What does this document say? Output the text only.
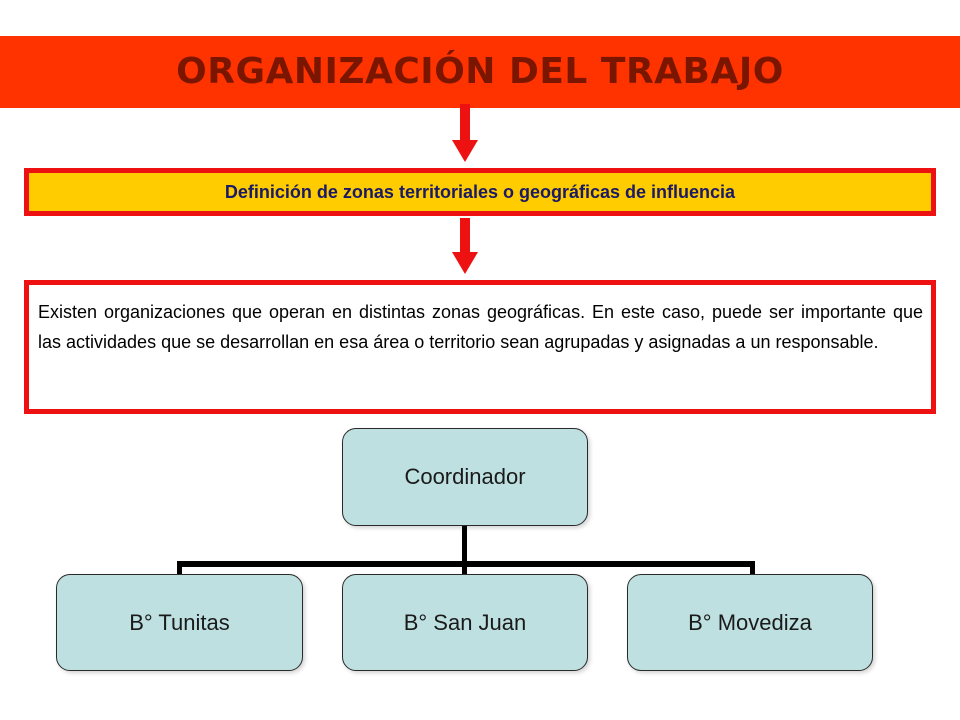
ORGANIZACIÓN DEL TRABAJO
Definición de zonas territoriales o geográficas de influencia
Existen organizaciones que operan en distintas zonas geográficas. En este caso, puede ser importante que las actividades que se desarrollan en esa área o territorio sean agrupadas y asignadas a un responsable.
Coordinador
B° Tunitas	B° San Juan	B° Movediza
